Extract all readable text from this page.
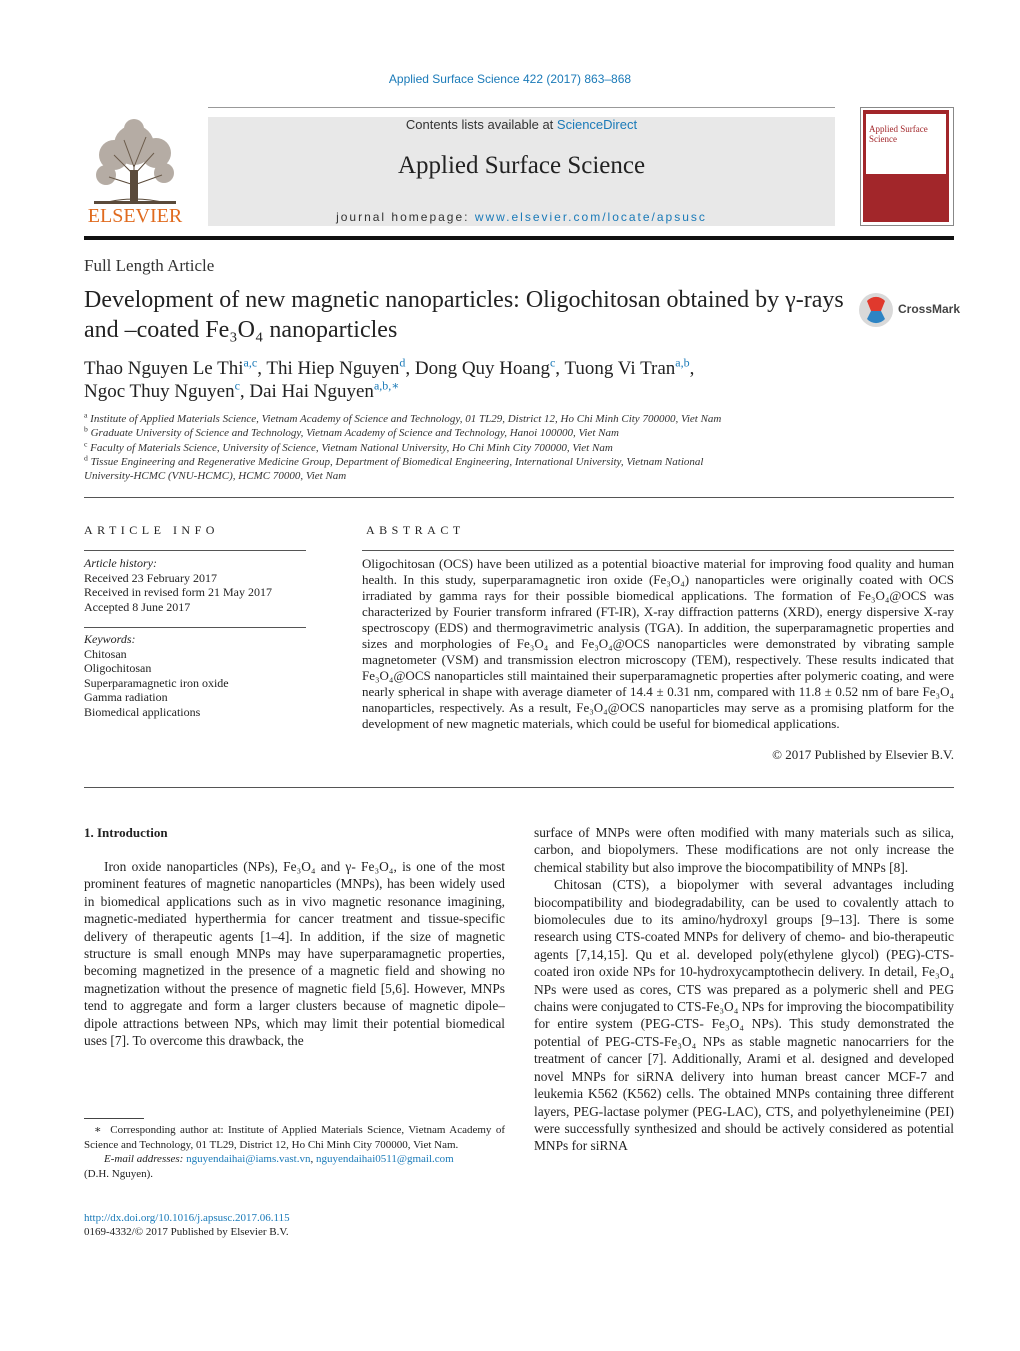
Applied Surface Science 422 (2017) 863–868
ELSEVIER
Contents lists available at ScienceDirect
Applied Surface Science
journal homepage: www.elsevier.com/locate/apsusc
Applied Surface Science
Full Length Article
Development of new magnetic nanoparticles: Oligochitosan obtained by γ-rays and –coated Fe₃O₄ nanoparticles
CrossMark
Thao Nguyen Le Thi$^{a,c}$, Thi Hiep Nguyen$^d$, Dong Quy Hoang$^c$, Tuong Vi Tran$^{a,b}$,
Ngoc Thuy Nguyen$^c$, Dai Hai Nguyen$^{a,b,∗}$
$^a$ Institute of Applied Materials Science, Vietnam Academy of Science and Technology, 01 TL29, District 12, Ho Chi Minh City 700000, Viet Nam
$^b$ Graduate University of Science and Technology, Vietnam Academy of Science and Technology, Hanoi 100000, Viet Nam
$^c$ Faculty of Materials Science, University of Science, Vietnam National University, Ho Chi Minh City 700000, Viet Nam
$^d$ Tissue Engineering and Regenerative Medicine Group, Department of Biomedical Engineering, International University, Vietnam National University-HCMC (VNU-HCMC), HCMC 70000, Viet Nam
ARTICLE INFO
Article history:
Received 23 February 2017
Received in revised form 21 May 2017
Accepted 8 June 2017
Keywords:
Chitosan
Oligochitosan
Superparamagnetic iron oxide
Gamma radiation
Biomedical applications
ABSTRACT
Oligochitosan (OCS) have been utilized as a potential bioactive material for improving food quality and human health. In this study, superparamagnetic iron oxide (Fe₃O₄) nanoparticles were originally coated with OCS irradiated by gamma rays for their possible biomedical applications. The formation of Fe₃O₄@OCS was characterized by Fourier transform infrared (FT-IR), X-ray diffraction patterns (XRD), energy dispersive X-ray spectroscopy (EDS) and thermogravimetric analysis (TGA). In addition, the superparamagnetic properties and sizes and morphologies of Fe₃O₄ and Fe₃O₄@OCS nanoparticles were demonstrated by vibrating sample magnetometer (VSM) and transmission electron microscopy (TEM), respectively. These results indicated that Fe₃O₄@OCS nanoparticles still maintained their superparamagnetic properties after polymeric coating, and were nearly spherical in shape with average diameter of 14.4 ± 0.31 nm, compared with 11.8 ± 0.52 nm of bare Fe₃O₄ nanoparticles, respectively. As a result, Fe₃O₄@OCS nanoparticles may serve as a promising platform for the development of new magnetic materials, which could be useful for biomedical applications.
© 2017 Published by Elsevier B.V.
1. Introduction

Iron oxide nanoparticles (NPs), Fe₃O₄ and γ- Fe₃O₄, is one of the most prominent features of magnetic nanoparticles (MNPs), has been widely used in biomedical applications such as in vivo magnetic resonance imagining, magnetic-mediated hyperthermia for cancer treatment and tissue-specific delivery of therapeutic agents [1–4]. In addition, if the size of magnetic structure is small enough MNPs may have superparamagnetic properties, becoming magnetized in the presence of a magnetic field and showing no magnetization without the presence of magnetic field [5,6]. However, MNPs tend to aggregate and form a larger clusters because of magnetic dipole–dipole attractions between NPs, which may limit their potential biomedical uses [7]. To overcome this drawback, the

surface of MNPs were often modified with many materials such as silica, carbon, and biopolymers. These modifications are not only increase the chemical stability but also improve the biocompatibility of MNPs [8].

Chitosan (CTS), a biopolymer with several advantages including biocompatibility and biodegradability, can be used to covalently attach to biomolecules due to its amino/hydroxyl groups [9–13]. There is some research using CTS-coated MNPs for delivery of chemo- and bio-therapeutic agents [7,14,15]. Qu et al. developed poly(ethylene glycol) (PEG)-CTS-coated iron oxide NPs for 10-hydroxycamptothecin delivery. In detail, Fe₃O₄ NPs were used as cores, CTS was prepared as a polymeric shell and PEG chains were conjugated to CTS-Fe₃O₄ NPs for improving the biocompatibility for entire system (PEG-CTS- Fe₃O₄ NPs). This study demonstrated the potential of PEG-CTS-Fe₃O₄ NPs as stable magnetic nanocarriers for the treatment of cancer [7]. Additionally, Arami et al. designed and developed novel MNPs for siRNA delivery into human breast cancer MCF-7 and leukemia K562 (K562) cells. The obtained MNPs containing three different layers, PEG-lactase polymer (PEG-LAC), CTS, and polyethyleneimine (PEI) were successfully synthesized and should be actively considered as potential MNPs for siRNA

∗ Corresponding author at: Institute of Applied Materials Science, Vietnam Academy of Science and Technology, 01 TL29, District 12, Ho Chi Minh City 700000, Viet Nam.
E-mail addresses: nguyendaihai@iams.vast.vn, nguyendaihai0511@gmail.com
(D.H. Nguyen).
http://dx.doi.org/10.1016/j.apsusc.2017.06.115
0169-4332/© 2017 Published by Elsevier B.V.
